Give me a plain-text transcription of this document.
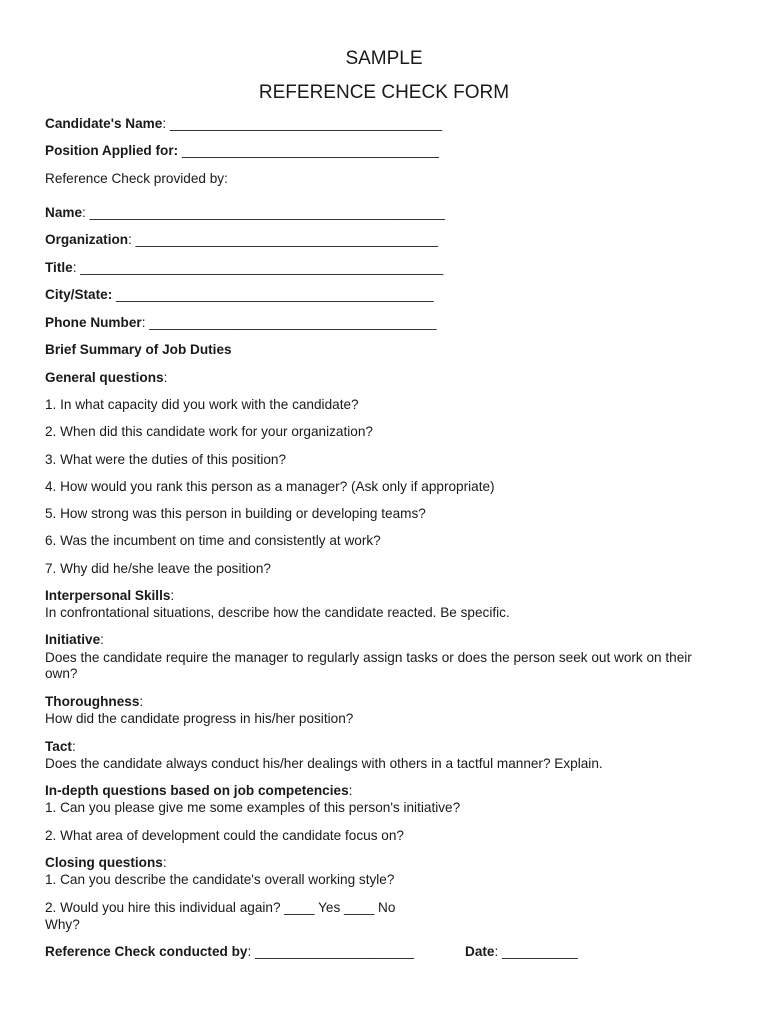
SAMPLE
REFERENCE CHECK FORM
Candidate's Name: ____________________________________
Position Applied for: __________________________________
Reference Check provided by:
Name: _______________________________________________
Organization: ________________________________________
Title: ________________________________________________
City/State: __________________________________________
Phone Number: ______________________________________
Brief Summary of Job Duties
General questions:
1. In what capacity did you work with the candidate?
2. When did this candidate work for your organization?
3. What were the duties of this position?
4. How would you rank this person as a manager? (Ask only if appropriate)
5. How strong was this person in building or developing teams?
6. Was the incumbent on time and consistently at work?
7. Why did he/she leave the position?
Interpersonal Skills:
In confrontational situations, describe how the candidate reacted. Be specific.
Initiative:
Does the candidate require the manager to regularly assign tasks or does the person seek out work on their own?
Thoroughness:
How did the candidate progress in his/her position?
Tact:
Does the candidate always conduct his/her dealings with others in a tactful manner? Explain.
In-depth questions based on job competencies:
1. Can you please give me some examples of this person's initiative?
2. What area of development could the candidate focus on?
Closing questions:
1. Can you describe the candidate's overall working style?
2. Would you hire this individual again? ____ Yes ____ No
Why?
Reference Check conducted by: _____________________	Date: __________
